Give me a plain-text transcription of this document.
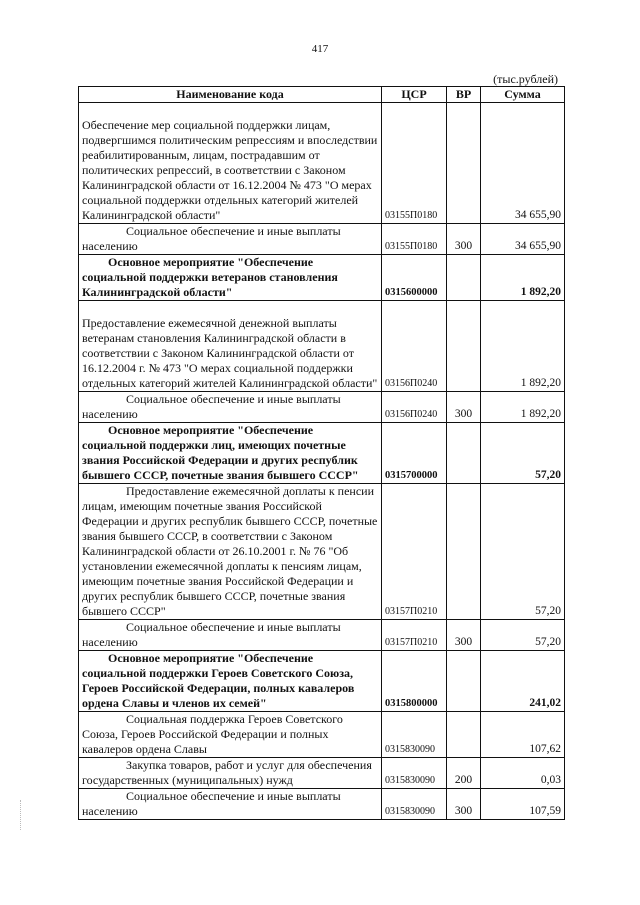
417
(тыс.рублей)
Наименование кода	ЦСР	ВР	Сумма

Обеспечение мер социальной поддержки лицам, подвергшимся политическим репрессиям и впоследствии реабилитированным, лицам, пострадавшим от политических репрессий, в соответствии с Законом Калининградской области от 16.12.2004 № 473 "О мерах социальной поддержки отдельных категорий жителей Калининградской области"	03155П0180		34 655,90
Социальное обеспечение и иные выплаты населению	03155П0180	300	34 655,90
Основное мероприятие "Обеспечение социальной поддержки ветеранов становления Калининградской области"	0315600000		1 892,20

Предоставление ежемесячной денежной выплаты ветеранам становления Калининградской области в соответствии с Законом Калининградской области от 16.12.2004 г. № 473 "О мерах социальной поддержки отдельных категорий жителей Калининградской области"	03156П0240		1 892,20
Социальное обеспечение и иные выплаты населению	03156П0240	300	1 892,20
Основное мероприятие "Обеспечение социальной поддержки лиц, имеющих почетные звания Российской Федерации и других республик бывшего СССР, почетные звания бывшего СССР"	0315700000		57,20
Предоставление ежемесячной доплаты к пенсии лицам, имеющим почетные звания Российской Федерации и других республик бывшего СССР, почетные звания бывшего СССР, в соответствии с Законом Калининградской области от 26.10.2001 г. № 76 "Об установлении ежемесячной доплаты к пенсиям лицам, имеющим почетные звания Российской Федерации и других республик бывшего СССР, почетные звания бывшего СССР"	03157П0210		57,20
Социальное обеспечение и иные выплаты населению	03157П0210	300	57,20
Основное мероприятие "Обеспечение социальной поддержки Героев Советского Союза, Героев Российской Федерации, полных кавалеров ордена Славы и членов их семей"	0315800000		241,02
Социальная поддержка Героев Советского Союза, Героев Российской Федерации и полных кавалеров ордена Славы	0315830090		107,62
Закупка товаров, работ и услуг для обеспечения государственных (муниципальных) нужд	0315830090	200	0,03
Социальное обеспечение и иные выплаты населению	0315830090	300	107,59
